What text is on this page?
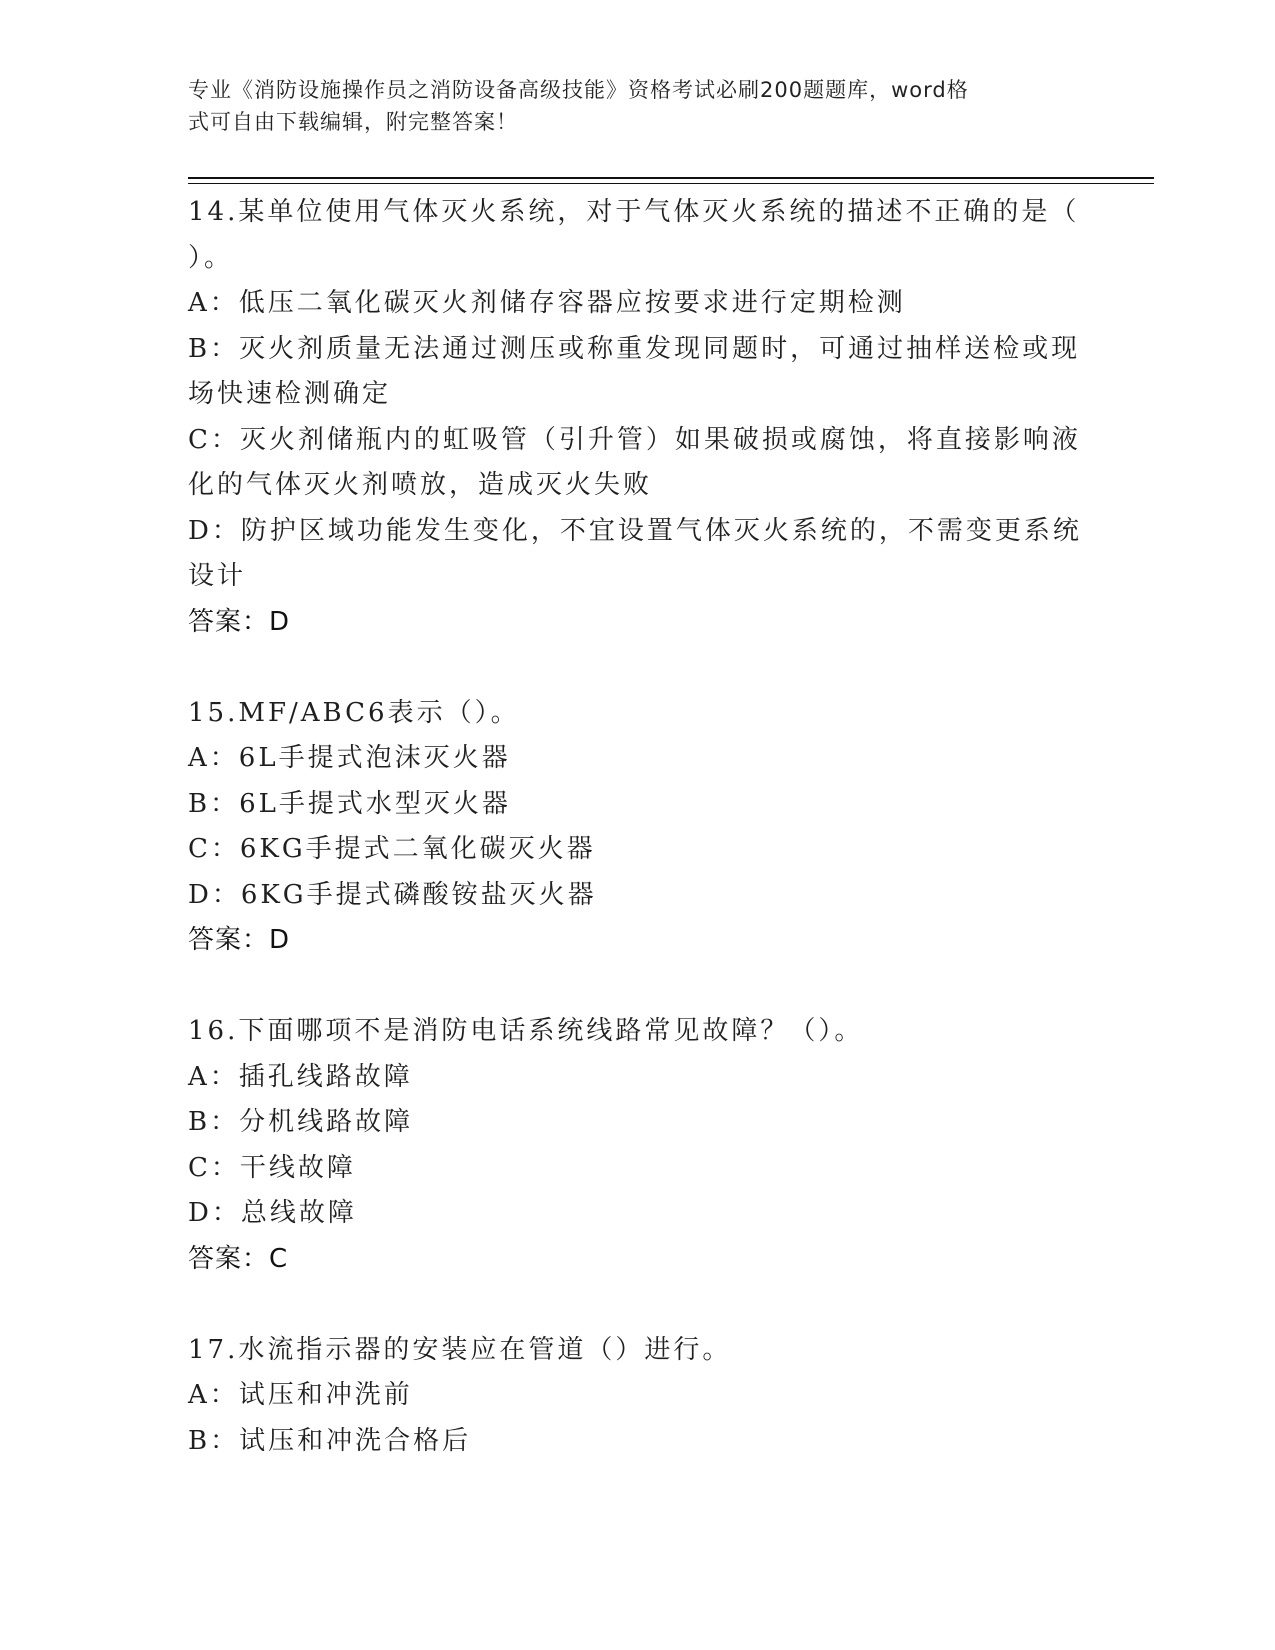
专业《消防设施操作员之消防设备高级技能》资格考试必刷200题题库，word格
式可自由下载编辑，附完整答案！
14.某单位使用气体灭火系统，对于气体灭火系统的描述不正确的是（
）。
A：低压二氧化碳灭火剂储存容器应按要求进行定期检测
B：灭火剂质量无法通过测压或称重发现同题时，可通过抽样送检或现
场快速检测确定
C：灭火剂储瓶内的虹吸管（引升管）如果破损或腐蚀，将直接影响液
化的气体灭火剂喷放，造成灭火失败
D：防护区域功能发生变化，不宜设置气体灭火系统的，不需变更系统
设计
答案：D
15.MF/ABC6表示（）。
A：6L手提式泡沫灭火器
B：6L手提式水型灭火器
C：6KG手提式二氧化碳灭火器
D：6KG手提式磷酸铵盐灭火器
答案：D
16.下面哪项不是消防电话系统线路常见故障？（）。
A：插孔线路故障
B：分机线路故障
C：干线故障
D：总线故障
答案：C
17.水流指示器的安装应在管道（）进行。
A：试压和冲洗前
B：试压和冲洗合格后
